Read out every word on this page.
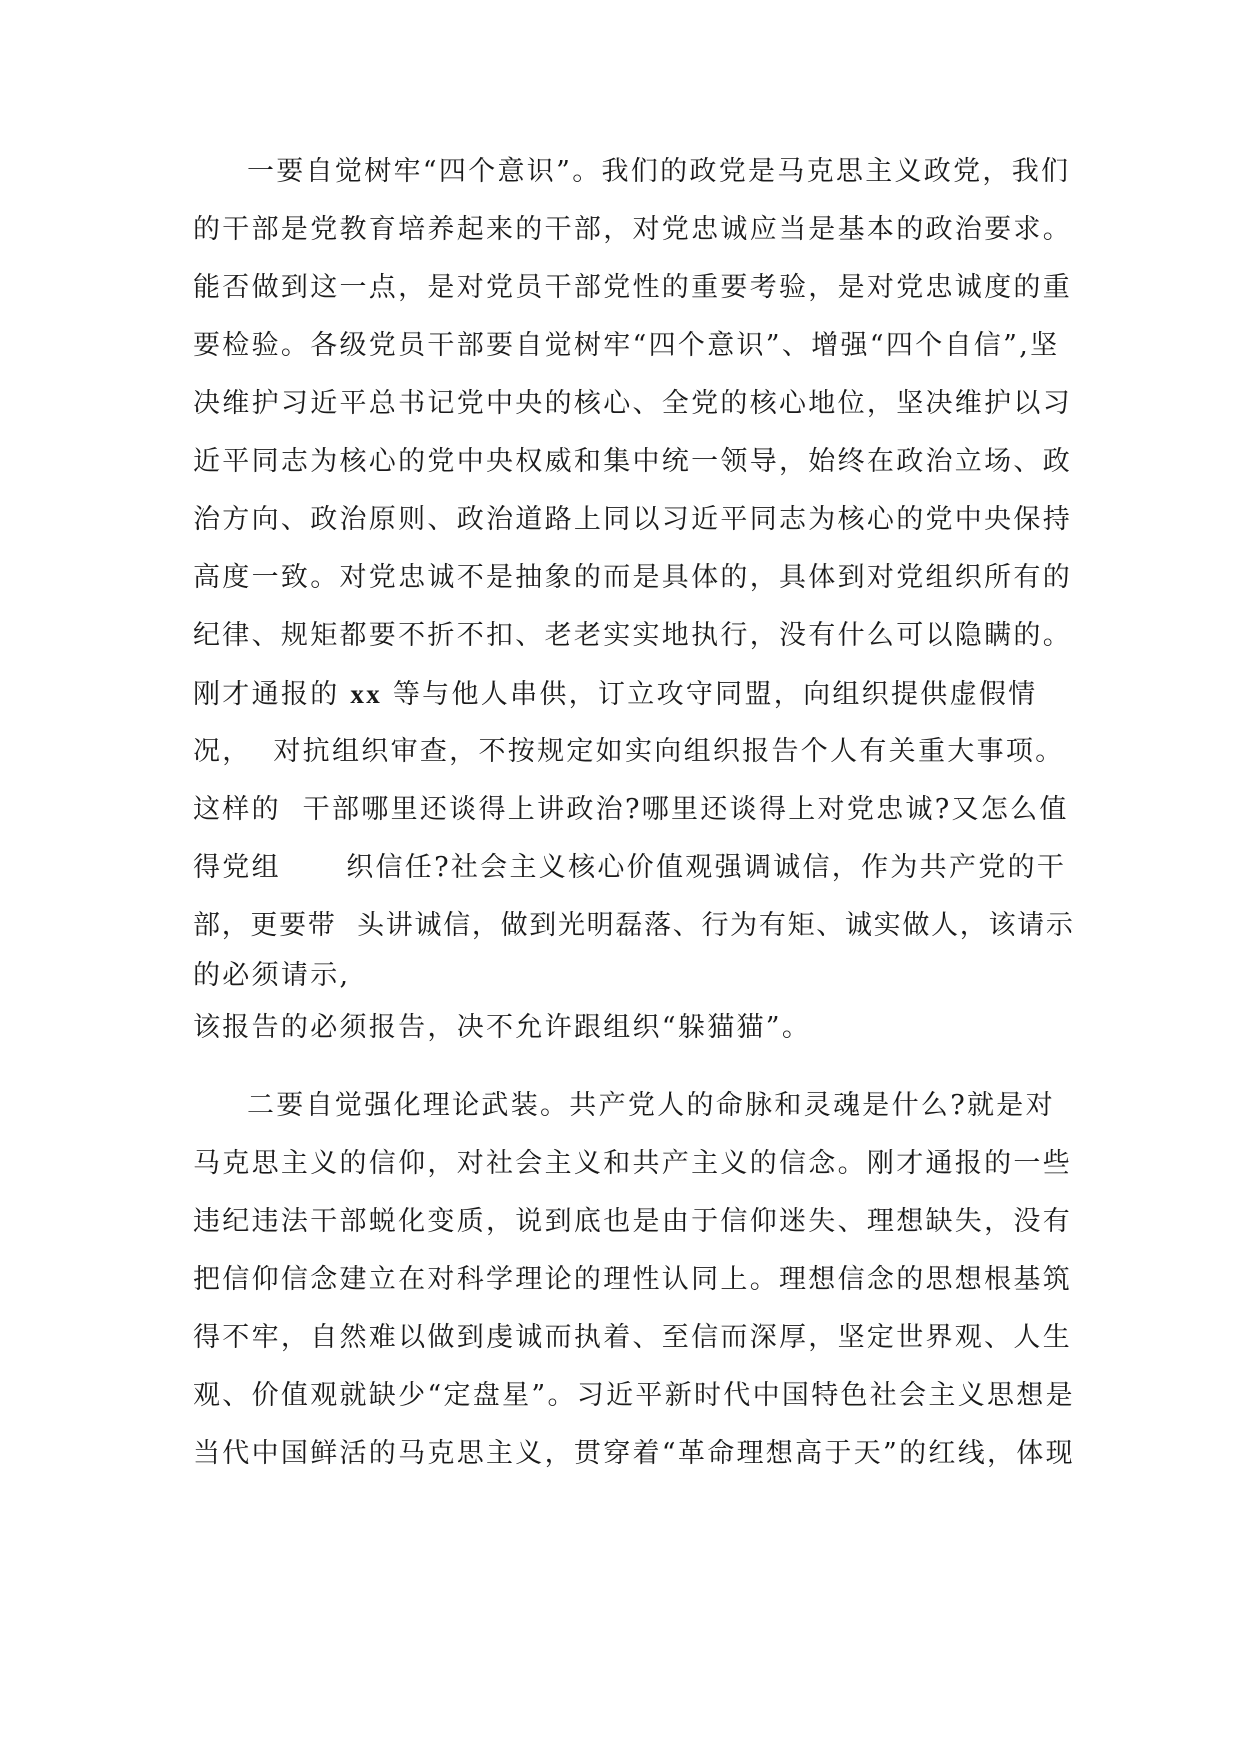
一要自觉树牢“四个意识”。我们的政党是马克思主义政党，我们
的干部是党教育培养起来的干部，对党忠诚应当是基本的政治要求。
能否做到这一点，是对党员干部党性的重要考验，是对党忠诚度的重
要检验。各级党员干部要自觉树牢“四个意识”、增强“四个自信”,坚
决维护习近平总书记党中央的核心、全党的核心地位，坚决维护以习
近平同志为核心的党中央权威和集中统一领导，始终在政治立场、政
治方向、政治原则、政治道路上同以习近平同志为核心的党中央保持
高度一致。对党忠诚不是抽象的而是具体的，具体到对党组织所有的
纪律、规矩都要不折不扣、老老实实地执行，没有什么可以隐瞒的。
刚才通报的 xx 等与他人串供，订立攻守同盟，向组织提供虚假情
况，  对抗组织审查，不按规定如实向组织报告个人有关重大事项。
这样的  干部哪里还谈得上讲政治?哪里还谈得上对党忠诚?又怎么值
得党组      织信任?社会主义核心价值观强调诚信，作为共产党的干
部，更要带  头讲诚信，做到光明磊落、行为有矩、诚实做人，该请示
的必须请示,
该报告的必须报告，决不允许跟组织“躲猫猫”。
二要自觉强化理论武装。共产党人的命脉和灵魂是什么?就是对
马克思主义的信仰，对社会主义和共产主义的信念。刚才通报的一些
违纪违法干部蜕化变质，说到底也是由于信仰迷失、理想缺失，没有
把信仰信念建立在对科学理论的理性认同上。理想信念的思想根基筑
得不牢，自然难以做到虔诚而执着、至信而深厚，坚定世界观、人生
观、价值观就缺少“定盘星”。习近平新时代中国特色社会主义思想是
当代中国鲜活的马克思主义，贯穿着“革命理想高于天”的红线，体现
